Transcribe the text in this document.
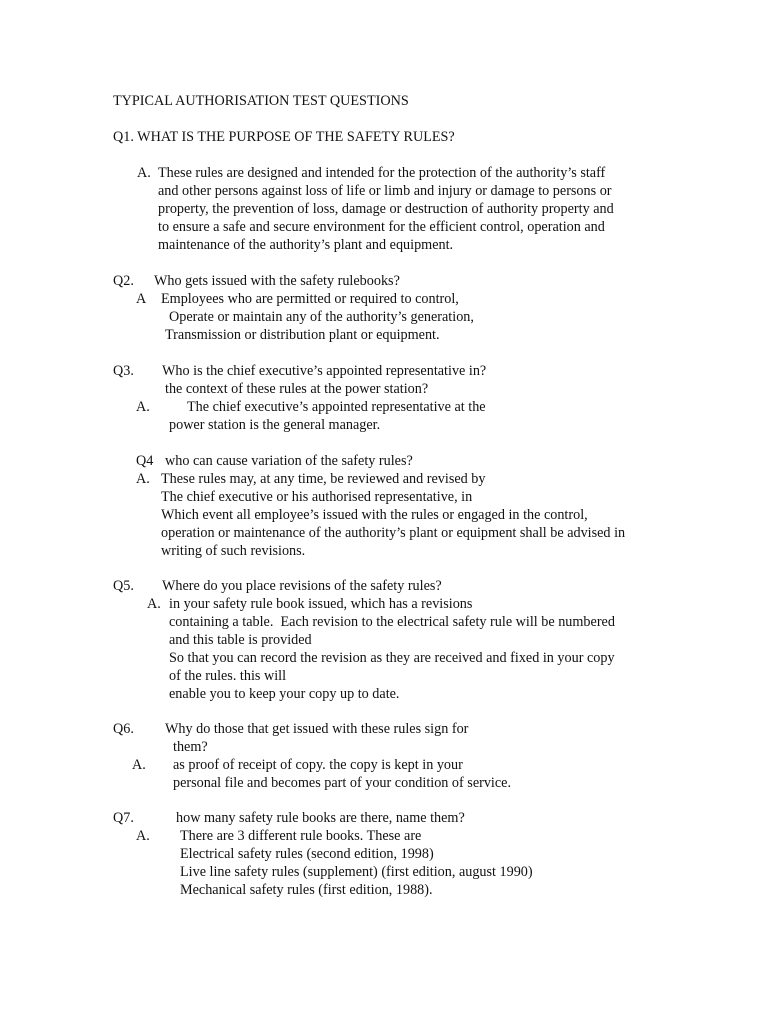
TYPICAL AUTHORISATION TEST QUESTIONS
Q1. WHAT IS THE PURPOSE OF THE SAFETY RULES?
A. These rules are designed and intended for the protection of the authority’s staff
and other persons against loss of life or limb and injury or damage to persons or
property, the prevention of loss, damage or destruction of authority property and
to ensure a safe and secure environment for the efficient control, operation and
maintenance of the authority’s plant and equipment.
Q2. Who gets issued with the safety rulebooks?
A Employees who are permitted or required to control,
Operate or maintain any of the authority’s generation,
Transmission or distribution plant or equipment.
Q3. Who is the chief executive’s appointed representative in?
the context of these rules at the power station?
A.	The chief executive’s appointed representative at the
power station is the general manager.
Q4 who can cause variation of the safety rules?
A. These rules may, at any time, be reviewed and revised by
The chief executive or his authorised representative, in
Which event all employee’s issued with the rules or engaged in the control,
operation or maintenance of the authority’s plant or equipment shall be advised in
writing of such revisions.
Q5. Where do you place revisions of the safety rules?
A. in your safety rule book issued, which has a revisions
containing a table.  Each revision to the electrical safety rule will be numbered
and this table is provided
So that you can record the revision as they are received and fixed in your copy
of the rules. this will
enable you to keep your copy up to date.
Q6. Why do those that get issued with these rules sign for
them?
A. as proof of receipt of copy. the copy is kept in your
personal file and becomes part of your condition of service.
Q7.	how many safety rule books are there, name them?
A. There are 3 different rule books. These are
Electrical safety rules (second edition, 1998)
Live line safety rules (supplement) (first edition, august 1990)
Mechanical safety rules (first edition, 1988).
